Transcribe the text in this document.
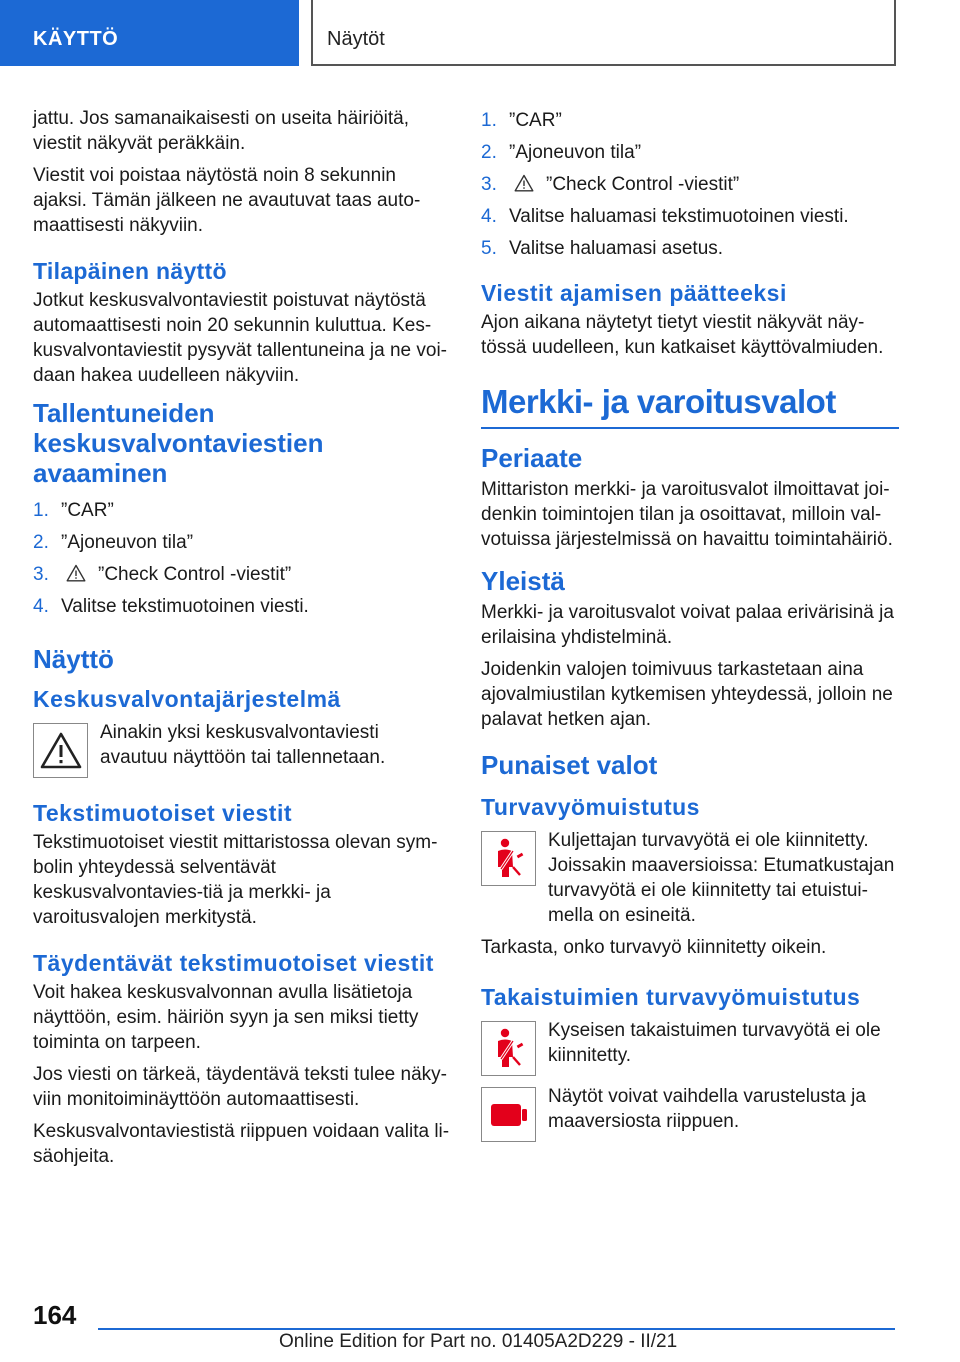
KÄYTTÖ	Näytöt

jattu. Jos samanaikaisesti on useita häiriöitä, viestit näkyvät peräkkäin.

Viestit voi poistaa näytöstä noin 8 sekunnin ajaksi. Tämän jälkeen ne avautuvat taas auto-maattisesti näkyviin.

Tilapäinen näyttö

Jotkut keskusvalvontaviestit poistuvat näytöstä automaattisesti noin 20 sekunnin kuluttua. Kes-kusvalvontaviestit pysyvät tallentuneina ja ne voi-daan hakea uudelleen näkyviin.

Tallentuneiden keskusvalvontaviestien avaaminen
1. ”CAR”
2. ”Ajoneuvon tila”
3.	”Check Control -viestit”
4. Valitse tekstimuotoinen viesti.
Näyttö
Keskusvalvontajärjestelmä

Ainakin yksi keskusvalvontaviesti avautuu näyttöön tai tallennetaan.

Tekstimuotoiset viestit

Tekstimuotoiset viestit mittaristossa olevan sym-bolin yhteydessä selventävät keskusvalvontavies-tiä ja merkki- ja varoitusvalojen merkitystä.

Täydentävät tekstimuotoiset viestit

Voit hakea keskusvalvonnan avulla lisätietoja näyttöön, esim. häiriön syyn ja sen miksi tietty toiminta on tarpeen.

Jos viesti on tärkeä, täydentävä teksti tulee näky-viin monitoiminäyttöön automaattisesti.

Keskusvalvontaviestistä riippuen voidaan valita li-säohjeita.

1. ”CAR”
2. ”Ajoneuvon tila”
3.	”Check Control -viestit”
4. Valitse haluamasi tekstimuotoinen viesti.
5. Valitse haluamasi asetus.
Viestit ajamisen päätteeksi

Ajon aikana näytetyt tietyt viestit näkyvät näy-tössä uudelleen, kun katkaiset käyttövalmiuden.

Merkki- ja varoitusvalot
Periaate

Mittariston merkki- ja varoitusvalot ilmoittavat joi-denkin toimintojen tilan ja osoittavat, milloin val-votuissa järjestelmissä on havaittu toimintahäiriö.

Yleistä

Merkki- ja varoitusvalot voivat palaa erivärisinä ja erilaisina yhdistelminä.

Joidenkin valojen toimivuus tarkastetaan aina ajovalmiustilan kytkemisen yhteydessä, jolloin ne palavat hetken ajan.

Punaiset valot
Turvavyömuistutus

Kuljettajan turvavyötä ei ole kiinnitetty. Joissakin maaversioissa: Etumatkustajan turvavyötä ei ole kiinnitetty tai etuistui-mella on esineitä.

Tarkasta, onko turvavyö kiinnitetty oikein.

Takaistuimien turvavyömuistutus

Kyseisen takaistuimen turvavyötä ei ole kiinnitetty.

Näytöt voivat vaihdella varustelusta ja maaversiosta riippuen.

164
Online Edition for Part no. 01405A2D229 - II/21
